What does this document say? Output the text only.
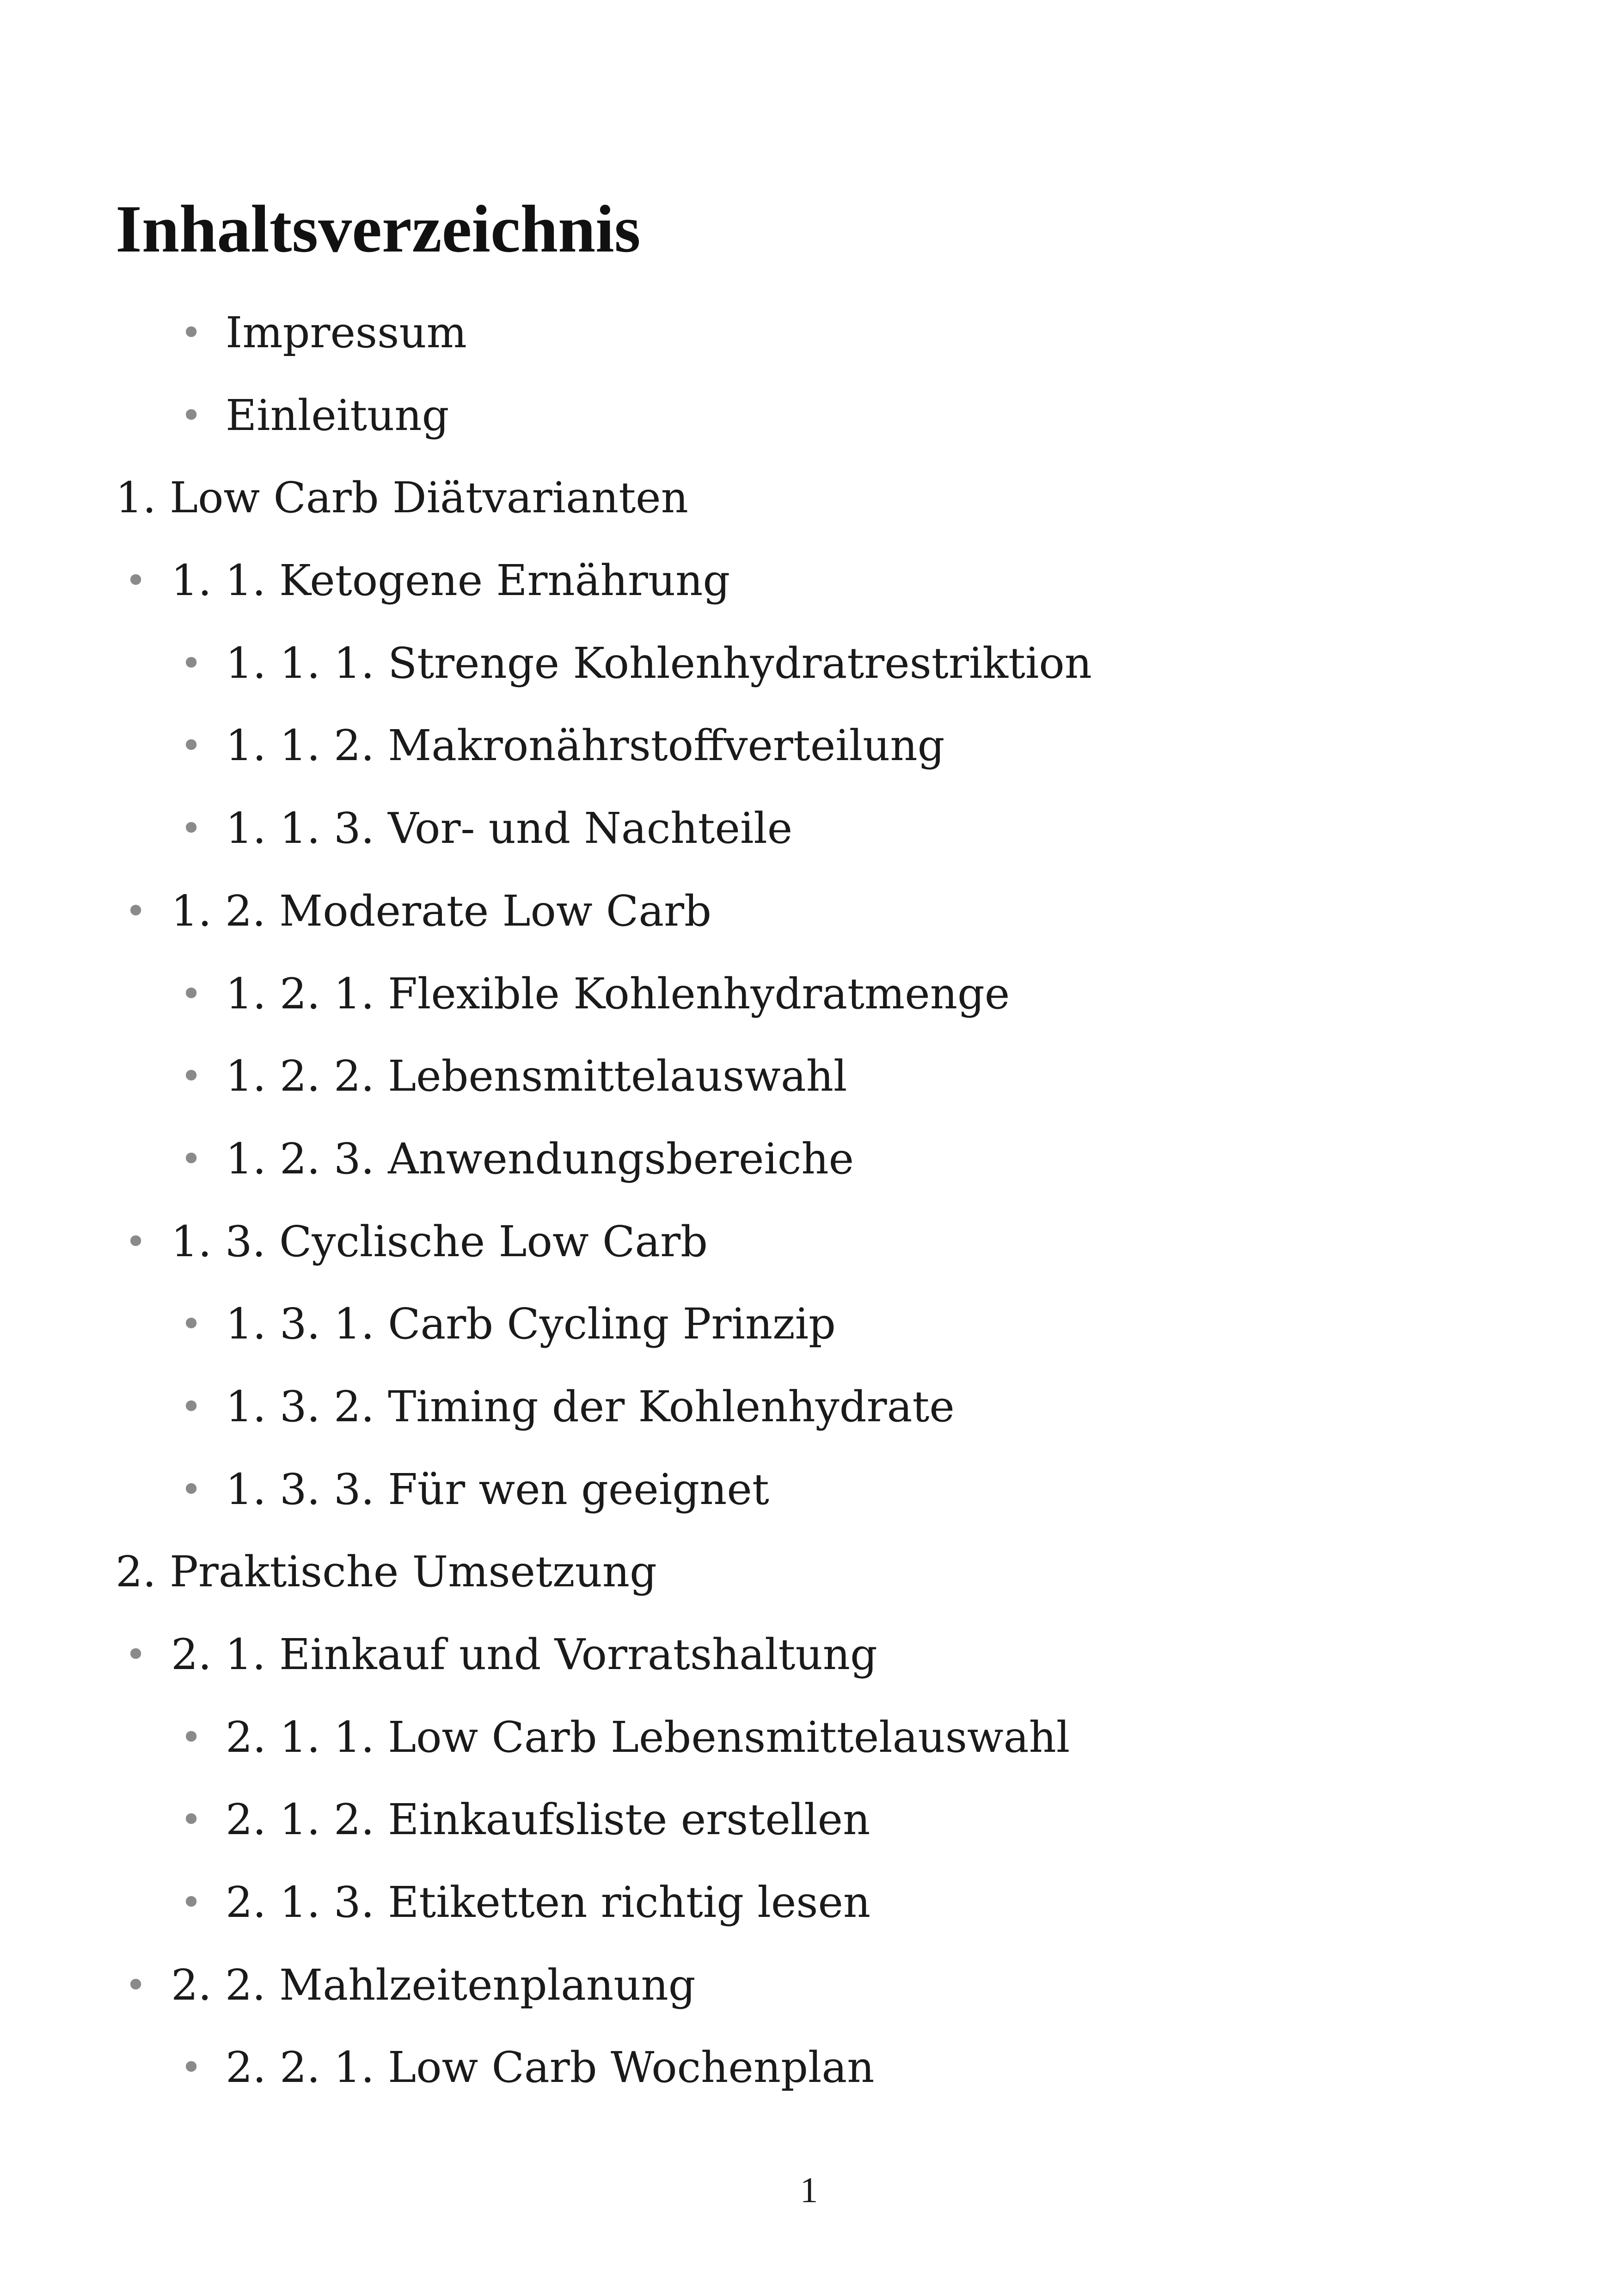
Inhaltsverzeichnis
• Impressum
• Einleitung
1. Low Carb Diätvarianten
• 1. 1. Ketogene Ernährung
• 1. 1. 1. Strenge Kohlenhydratrestriktion
• 1. 1. 2. Makronährstoffverteilung
• 1. 1. 3. Vor- und Nachteile
• 1. 2. Moderate Low Carb
• 1. 2. 1. Flexible Kohlenhydratmenge
• 1. 2. 2. Lebensmittelauswahl
• 1. 2. 3. Anwendungsbereiche
• 1. 3. Cyclische Low Carb
• 1. 3. 1. Carb Cycling Prinzip
• 1. 3. 2. Timing der Kohlenhydrate
• 1. 3. 3. Für wen geeignet
2. Praktische Umsetzung
• 2. 1. Einkauf und Vorratshaltung
• 2. 1. 1. Low Carb Lebensmittelauswahl
• 2. 1. 2. Einkaufsliste erstellen
• 2. 1. 3. Etiketten richtig lesen
• 2. 2. Mahlzeitenplanung
• 2. 2. 1. Low Carb Wochenplan
1
